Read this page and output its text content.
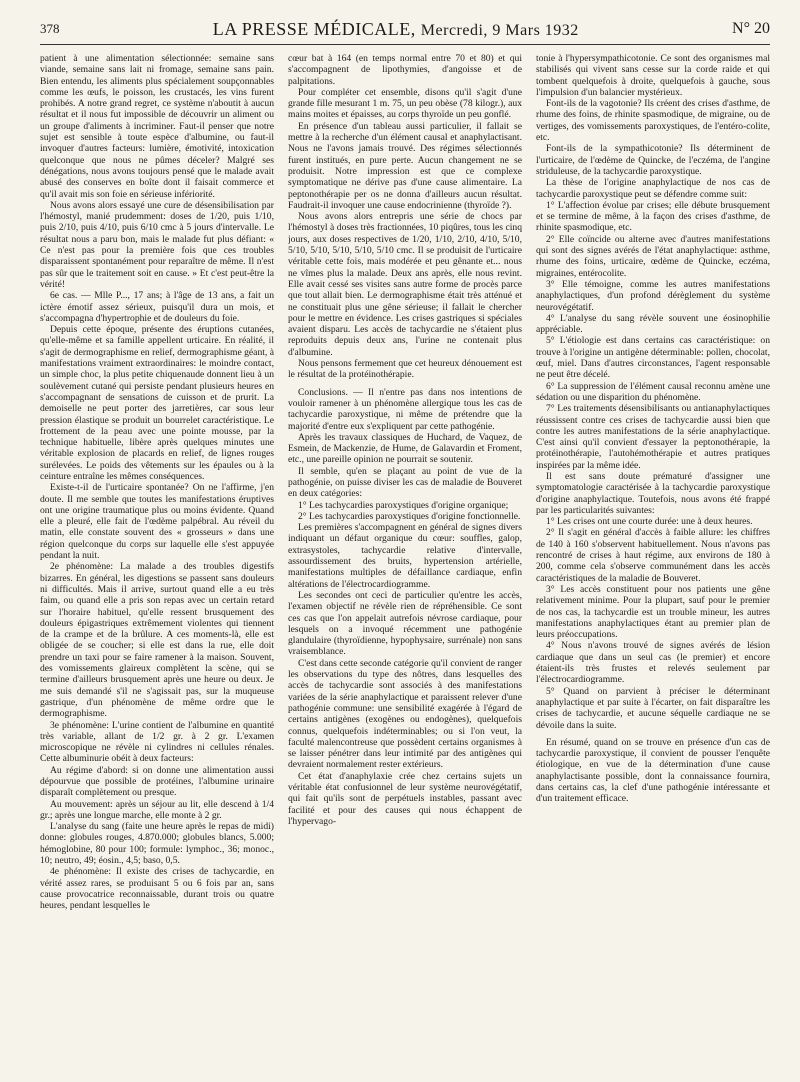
378	LA PRESSE MÉDICALE, Mercredi, 9 Mars 1932	N° 20

patient à une alimentation sélectionnée: semaine sans viande, semaine sans lait ni fromage, semaine sans pain. Bien entendu, les aliments plus spécialement soupçonnables comme les œufs, le poisson, les crustacés, les vins furent prohibés. A notre grand regret, ce système n'aboutit à aucun résultat et il nous fut impossible de découvrir un aliment ou un groupe d'aliments à incriminer. Faut-il penser que notre sujet est sensible à toute espèce d'albumine, ou faut-il invoquer d'autres facteurs: lumière, émotivité, intoxication quelconque que nous ne pûmes déceler? Malgré ses dénégations, nous avons toujours pensé que le malade avait abusé des conserves en boîte dont il faisait commerce et qu'il avait mis son foie en sérieuse infériorité.

Nous avons alors essayé une cure de désensibilisation par l'hémostyl, manié prudemment: doses de 1/20, puis 1/10, puis 2/10, puis 4/10, puis 6/10 cmc à 5 jours d'intervalle. Le résultat nous a paru bon, mais le malade fut plus défiant: « Ce n'est pas pour la première fois que ces troubles disparaissent spontanément pour reparaître de même. Il n'est pas sûr que le traitement soit en cause. » Et c'est peut-être la vérité!

6e cas. — Mlle P..., 17 ans; à l'âge de 13 ans, a fait un ictère émotif assez sérieux, puisqu'il dura un mois, et s'accompagna d'hypertrophie et de douleurs du foie.

Depuis cette époque, présente des éruptions cutanées, qu'elle-même et sa famille appellent urticaire. En réalité, il s'agit de dermographisme en relief, dermographisme géant, à manifestations vraiment extraordinaires: le moindre contact, un simple choc, la plus petite chiquenaude donnent lieu à un soulèvement cutané qui persiste pendant plusieurs heures en s'accompagnant de sensations de cuisson et de prurit. La demoiselle ne peut porter des jarretières, car sous leur pression élastique se produit un bourrelet caractéristique. Le frottement de la peau avec une pointe mousse, par la technique habituelle, libère après quelques minutes une véritable explosion de placards en relief, de lignes rouges surélevées. Le poids des vêtements sur les épaules ou à la ceinture entraîne les mêmes conséquences.

Existe-t-il de l'urticaire spontanée? On ne l'affirme, j'en doute. Il me semble que toutes les manifestations éruptives ont une origine traumatique plus ou moins évidente. Quand elle a pleuré, elle fait de l'œdème palpébral. Au réveil du matin, elle constate souvent des « grosseurs » dans une région quelconque du corps sur laquelle elle s'est appuyée pendant la nuit.

2e phénomène: La malade a des troubles digestifs bizarres. En général, les digestions se passent sans douleurs ni difficultés. Mais il arrive, surtout quand elle a eu très faim, ou quand elle a pris son repas avec un certain retard sur l'horaire habituel, qu'elle ressent brusquement des douleurs épigastriques extrêmement violentes qui tiennent de la crampe et de la brûlure. A ces moments-là, elle est obligée de se coucher; si elle est dans la rue, elle doit prendre un taxi pour se faire ramener à la maison. Souvent, des vomissements glaireux complètent la scène, qui se termine d'ailleurs brusquement après une heure ou deux. Je me suis demandé s'il ne s'agissait pas, sur la muqueuse gastrique, d'un phénomène de même ordre que le dermographisme.

3e phénomène: L'urine contient de l'albumine en quantité très variable, allant de 1/2 gr. à 2 gr. L'examen microscopique ne révèle ni cylindres ni cellules rénales. Cette albuminurie obéit à deux facteurs:

Au régime d'abord: si on donne une alimentation aussi dépourvue que possible de protéines, l'albumine urinaire disparaît complètement ou presque.

Au mouvement: après un séjour au lit, elle descend à 1/4 gr.; après une longue marche, elle monte à 2 gr.

L'analyse du sang (faite une heure après le repas de midi) donne: globules rouges, 4.870.000; globules blancs, 5.000; hémoglobine, 80 pour 100; formule: lymphoc., 36; monoc., 10; neutro, 49; éosin., 4,5; baso, 0,5.

4e phénomène: Il existe des crises de tachycardie, en vérité assez rares, se produisant 5 ou 6 fois par an, sans cause provocatrice reconnaissable, durant trois ou quatre heures, pendant lesquelles le

cœur bat à 164 (en temps normal entre 70 et 80) et qui s'accompagnent de lipothymies, d'angoisse et de palpitations.

Pour compléter cet ensemble, disons qu'il s'agit d'une grande fille mesurant 1 m. 75, un peu obèse (78 kilogr.), aux mains moites et épaisses, au corps thyroïde un peu gonflé.

En présence d'un tableau aussi particulier, il fallait se mettre à la recherche d'un élément causal et anaphylactisant. Nous ne l'avons jamais trouvé. Des régimes sélectionnés furent institués, en pure perte. Aucun changement ne se produisit. Notre impression est que ce complexe symptomatique ne dérive pas d'une cause alimentaire. La peptonothérapie per os ne donna d'ailleurs aucun résultat. Faudrait-il invoquer une cause endocrinienne (thyroïde ?).

Nous avons alors entrepris une série de chocs par l'hémostyl à doses très fractionnées, 10 piqûres, tous les cinq jours, aux doses respectives de 1/20, 1/10, 2/10, 4/10, 5/10, 5/10, 5/10, 5/10, 5/10, 5/10 cmc. Il se produisit de l'urticaire véritable cette fois, mais modérée et peu gênante et... nous ne vîmes plus la malade. Deux ans après, elle nous revint. Elle avait cessé ses visites sans autre forme de procès parce que tout allait bien. Le dermographisme était très atténué et ne constituait plus une gêne sérieuse; il fallait le chercher pour le mettre en évidence. Les crises gastriques si spéciales avaient disparu. Les accès de tachycardie ne s'étaient plus reproduits depuis deux ans, l'urine ne contenait plus d'albumine.

Nous pensons fermement que cet heureux dénouement est le résultat de la protéinothérapie.

Conclusions. — Il n'entre pas dans nos intentions de vouloir ramener à un phénomène allergique tous les cas de tachycardie paroxystique, ni même de prétendre que la majorité d'entre eux s'expliquent par cette pathogénie.

Après les travaux classiques de Huchard, de Vaquez, de Esmein, de Mackenzie, de Hume, de Galavardin et Froment, etc., une pareille opinion ne pourrait se soutenir.

Il semble, qu'en se plaçant au point de vue de la pathogénie, on puisse diviser les cas de maladie de Bouveret en deux catégories:

1° Les tachycardies paroxystiques d'origine organique;

2° Les tachycardies paroxystiques d'origine fonctionnelle.

Les premières s'accompagnent en général de signes divers indiquant un défaut organique du cœur: souffles, galop, extrasystoles, tachycardie relative d'intervalle, assourdissement des bruits, hypertension artérielle, manifestations multiples de défaillance cardiaque, enfin altérations de l'électrocardiogramme.

Les secondes ont ceci de particulier qu'entre les accès, l'examen objectif ne révèle rien de répréhensible. Ce sont ces cas que l'on appelait autrefois névrose cardiaque, pour lesquels on a invoqué récemment une pathogénie glandulaire (thyroïdienne, hypophysaire, surrénale) non sans vraisemblance.

C'est dans cette seconde catégorie qu'il convient de ranger les observations du type des nôtres, dans lesquelles des accès de tachycardie sont associés à des manifestations variées de la série anaphylactique et paraissent relever d'une pathogénie commune: une sensibilité exagérée à l'égard de certains antigènes (exogènes ou endogènes), quelquefois connus, quelquefois indéterminables; ou si l'on veut, la faculté malencontreuse que possèdent certains organismes à se laisser pénétrer dans leur intimité par des antigènes qui devraient normalement rester extérieurs.

Cet état d'anaphylaxie crée chez certains sujets un véritable état confusionnel de leur système neurovégétatif, qui fait qu'ils sont de perpétuels instables, passant avec facilité et pour des causes qui nous échappent de l'hypervago-

tonie à l'hypersympathicotonie. Ce sont des organismes mal stabilisés qui vivent sans cesse sur la corde raide et qui tombent quelquefois à droite, quelquefois à gauche, sous l'impulsion d'un balancier mystérieux.

Font-ils de la vagotonie? Ils créent des crises d'asthme, de rhume des foins, de rhinite spasmodique, de migraine, ou de vertiges, des vomissements paroxystiques, de l'entéro-colite, etc.

Font-ils de la sympathicotonie? Ils déterminent de l'urticaire, de l'œdème de Quincke, de l'eczéma, de l'angine striduleuse, de la tachycardie paroxystique.

La thèse de l'origine anaphylactique de nos cas de tachycardie paroxystique peut se défendre comme suit:

1° L'affection évolue par crises; elle débute brusquement et se termine de même, à la façon des crises d'asthme, de rhinite spasmodique, etc.

2° Elle coïncide ou alterne avec d'autres manifestations qui sont des signes avérés de l'état anaphylactique: asthme, rhume des foins, urticaire, œdème de Quincke, eczéma, migraines, entérocolite.

3° Elle témoigne, comme les autres manifestations anaphylactiques, d'un profond dérèglement du système neurovégétatif.

4° L'analyse du sang révèle souvent une éosinophilie appréciable.

5° L'étiologie est dans certains cas caractéristique: on trouve à l'origine un antigène déterminable: pollen, chocolat, œuf, miel. Dans d'autres circonstances, l'agent responsable ne peut être décelé.

6° La suppression de l'élément causal reconnu amène une sédation ou une disparition du phénomène.

7° Les traitements désensibilisants ou antianaphylactiques réussissent contre ces crises de tachycardie aussi bien que contre les autres manifestations de la série anaphylactique. C'est ainsi qu'il convient d'essayer la peptonothérapie, la protéinothérapie, l'autohémothérapie et autres pratiques inspirées par la même idée.

Il est sans doute prématuré d'assigner une symptomatologie caractérisée à la tachycardie paroxystique d'origine anaphylactique. Toutefois, nous avons été frappé par les particularités suivantes:

1° Les crises ont une courte durée: une à deux heures.

2° Il s'agit en général d'accès à faible allure: les chiffres de 140 à 160 s'observent habituellement. Nous n'avons pas rencontré de crises à haut régime, aux environs de 180 à 200, comme cela s'observe communément dans les accès caractéristiques de la maladie de Bouveret.

3° Les accès constituent pour nos patients une gêne relativement minime. Pour la plupart, sauf pour le premier de nos cas, la tachycardie est un trouble mineur, les autres manifestations anaphylactiques étant au premier plan de leurs préoccupations.

4° Nous n'avons trouvé de signes avérés de lésion cardiaque que dans un seul cas (le premier) et encore étaient-ils très frustes et relevés seulement par l'électrocardiogramme.

5° Quand on parvient à préciser le déterminant anaphylactique et par suite à l'écarter, on fait disparaître les crises de tachycardie, et aucune séquelle cardiaque ne se dévoile dans la suite.

En résumé, quand on se trouve en présence d'un cas de tachycardie paroxystique, il convient de pousser l'enquête étiologique, en vue de la détermination d'une cause anaphylactisante possible, dont la connaissance fournira, dans certains cas, la clef d'une pathogénie intéressante et d'un traitement efficace.
